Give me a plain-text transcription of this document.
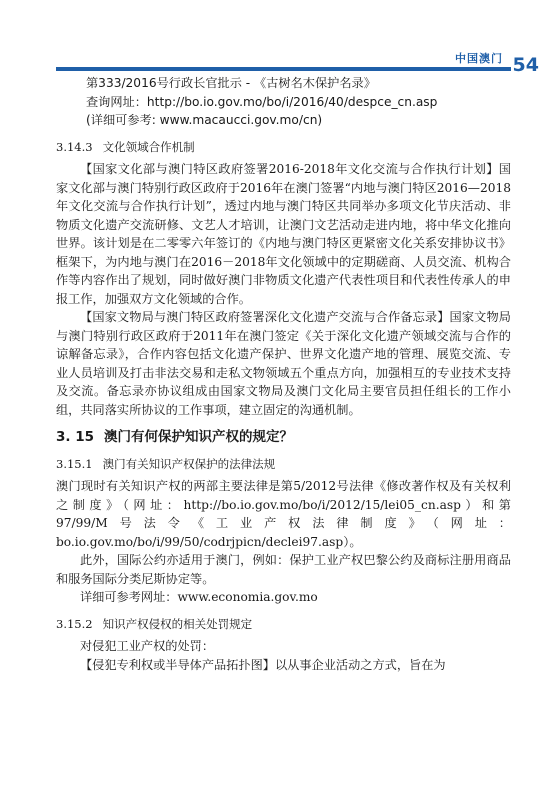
中国澳门 54
第333/2016号行政长官批示 - 《古树名木保护名录》
查询网址：http://bo.io.gov.mo/bo/i/2016/40/despce_cn.asp
(详细可参考: www.macaucci.gov.mo/cn)
3.14.3 文化领域合作机制
【国家文化部与澳门特区政府签署2016-2018年文化交流与合作执行计划】国家文化部与澳门特别行政区政府于2016年在澳门签署“内地与澳门特区2016—2018年文化交流与合作执行计划”，透过内地与澳门特区共同举办多项文化节庆活动、非物质文化遗产交流研修、文艺人才培训，让澳门文艺活动走进内地，将中华文化推向世界。该计划是在二零零六年签订的《内地与澳门特区更紧密文化关系安排协议书》框架下，为内地与澳门在2016－2018年文化领域中的定期磋商、人员交流、机构合作等内容作出了规划，同时做好澳门非物质文化遗产代表性项目和代表性传承人的申报工作，加强双方文化领域的合作。
【国家文物局与澳门特区政府签署深化文化遗产交流与合作备忘录】国家文物局与澳门特别行政区政府于2011年在澳门签定《关于深化文化遗产领域交流与合作的谅解备忘录》，合作内容包括文化遗产保护、世界文化遗产地的管理、展览交流、专业人员培训及打击非法交易和走私文物领域五个重点方向，加强相互的专业技术支持及交流。备忘录亦协议组成由国家文物局及澳门文化局主要官员担任组长的工作小组，共同落实所协议的工作事项，建立固定的沟通机制。
3. 15 澳门有何保护知识产权的规定？
3.15.1 澳门有关知识产权保护的法律法规
澳门现时有关知识产权的两部主要法律是第5/2012号法律《修改著作权及有关权利之制度》（网址：http://bo.io.gov.mo/bo/i/2012/15/lei05_cn.asp）和第97/99/M号法令《工业产权法律制度》（网址：bo.io.gov.mo/bo/i/99/50/codrjpicn/declei97.asp）。
此外，国际公约亦适用于澳门，例如：保护工业产权巴黎公约及商标注册用商品和服务国际分类尼斯协定等。
详细可参考网址：www.economia.gov.mo
3.15.2 知识产权侵权的相关处罚规定
对侵犯工业产权的处罚：
【侵犯专利权或半导体产品拓扑图】以从事企业活动之方式，旨在为
